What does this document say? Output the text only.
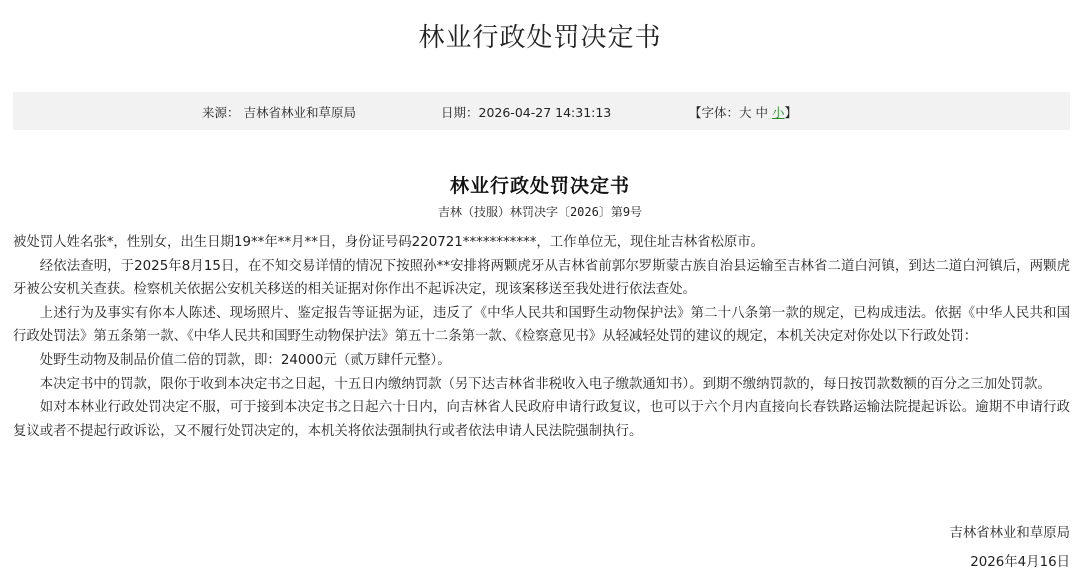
林业行政处罚决定书
来源： 吉林省林业和草原局	日期：2026-04-27 14:31:13	【字体：大 中 小】
林业行政处罚决定书
吉林（技服）林罚决字〔2026〕第9号

被处罚人姓名张*，性别女，出生日期19**年**月**日，身份证号码220721***********，工作单位无，现住址吉林省松原市。

经依法查明，于2025年8月15日，在不知交易详情的情况下按照孙**安排将两颗虎牙从吉林省前郭尔罗斯蒙古族自治县运输至吉林省二道白河镇，到达二道白河镇后，两颗虎牙被公安机关查获。检察机关依据公安机关移送的相关证据对你作出不起诉决定，现该案移送至我处进行依法查处。

上述行为及事实有你本人陈述、现场照片、鉴定报告等证据为证，违反了《中华人民共和国野生动物保护法》第二十八条第一款的规定，已构成违法。依据《中华人民共和国行政处罚法》第五条第一款、《中华人民共和国野生动物保护法》第五十二条第一款、《检察意见书》从轻减轻处罚的建议的规定，本机关决定对你处以下行政处罚：

处野生动物及制品价值二倍的罚款，即：24000元（贰万肆仟元整）。

本决定书中的罚款，限你于收到本决定书之日起，十五日内缴纳罚款（另下达吉林省非税收入电子缴款通知书）。到期不缴纳罚款的，每日按罚款数额的百分之三加处罚款。

如对本林业行政处罚决定不服，可于接到本决定书之日起六十日内，向吉林省人民政府申请行政复议，也可以于六个月内直接向长春铁路运输法院提起诉讼。逾期不申请行政复议或者不提起行政诉讼，又不履行处罚决定的，本机关将依法强制执行或者依法申请人民法院强制执行。

吉林省林业和草原局
2026年4月16日
